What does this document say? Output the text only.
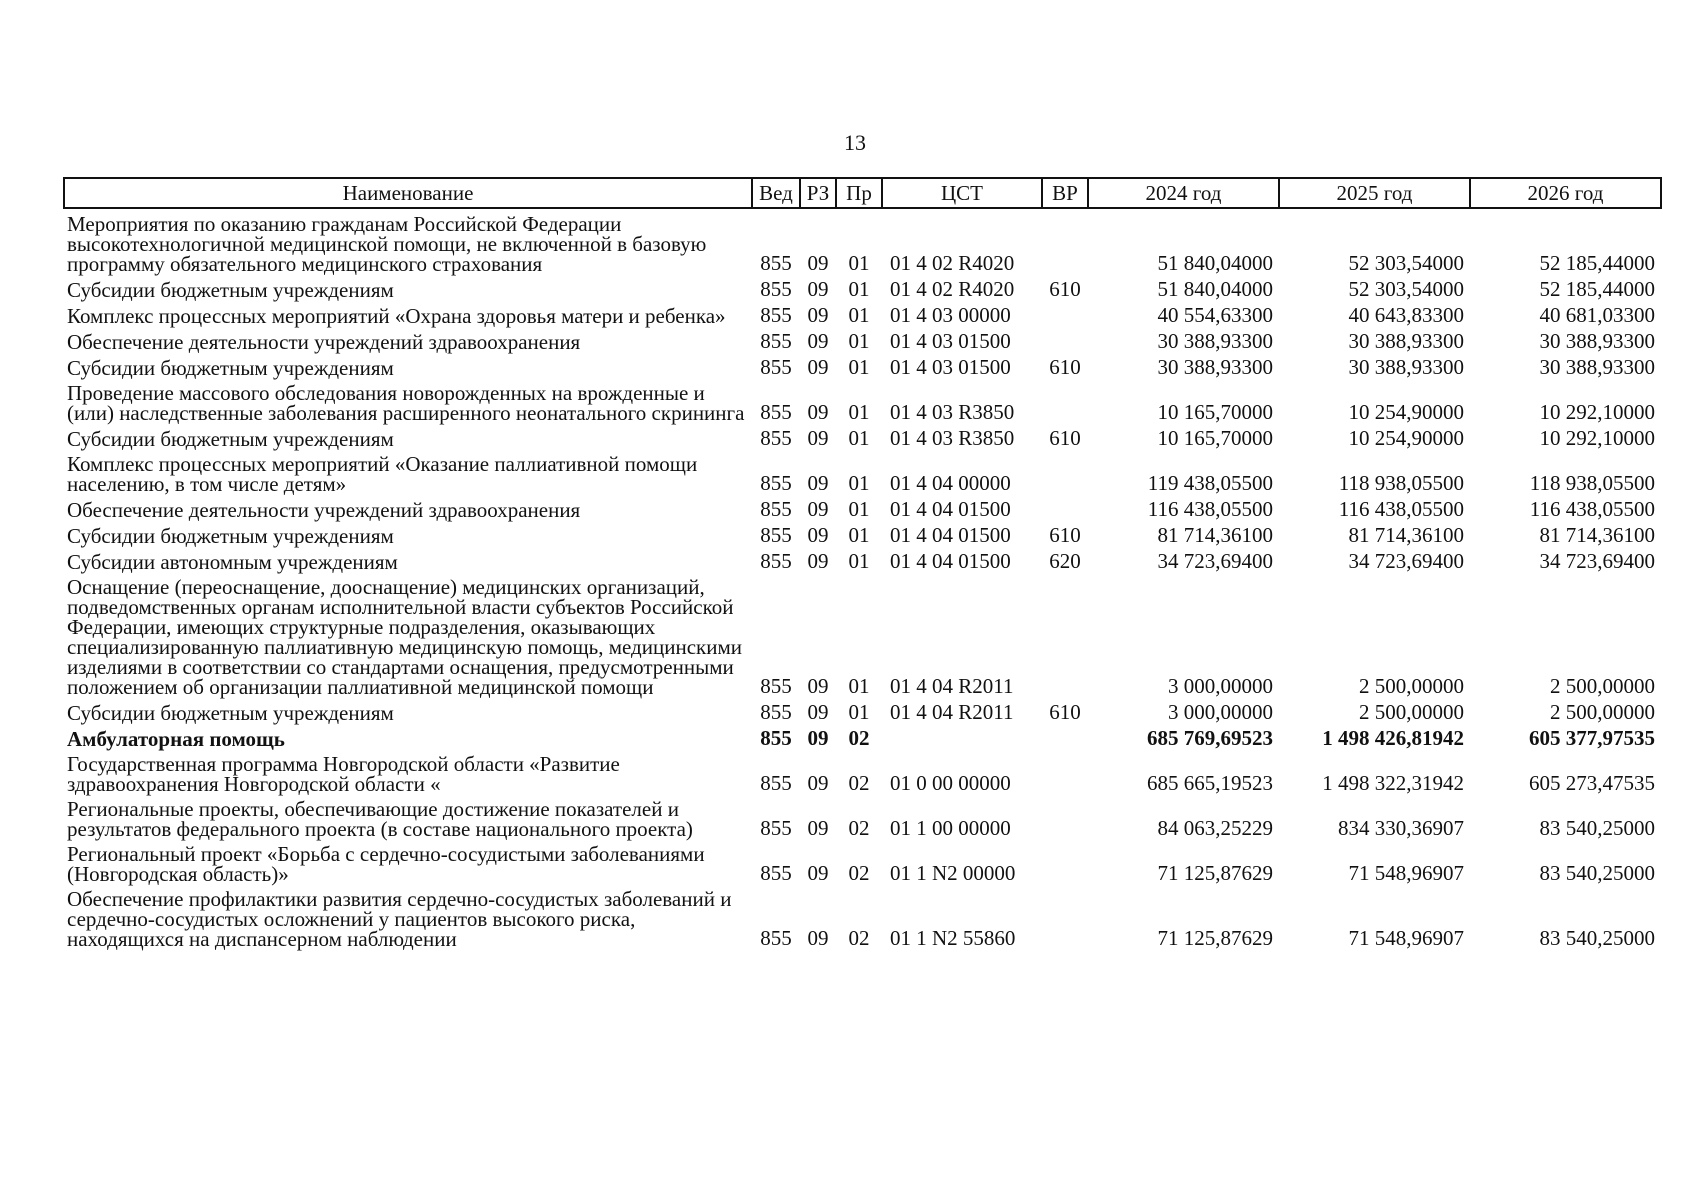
13
Наименование	Вед	РЗ	Пр	ЦСТ	ВР	2024 год	2025 год	2026 год
Мероприятия по оказанию гражданам Российской Федерации высокотехнологичной медицинской помощи, не включенной в базовую программу обязательного медицинского страхования	855	09	01	01 4 02 R4020		51 840,04000	52 303,54000	52 185,44000
Субсидии бюджетным учреждениям	855	09	01	01 4 02 R4020	610	51 840,04000	52 303,54000	52 185,44000
Комплекс процессных мероприятий «Охрана здоровья матери и ребенка»	855	09	01	01 4 03 00000		40 554,63300	40 643,83300	40 681,03300
Обеспечение деятельности учреждений здравоохранения	855	09	01	01 4 03 01500		30 388,93300	30 388,93300	30 388,93300
Субсидии бюджетным учреждениям	855	09	01	01 4 03 01500	610	30 388,93300	30 388,93300	30 388,93300
Проведение массового обследования новорожденных на врожденные и (или) наследственные заболевания расширенного неонатального скрининга	855	09	01	01 4 03 R3850		10 165,70000	10 254,90000	10 292,10000
Субсидии бюджетным учреждениям	855	09	01	01 4 03 R3850	610	10 165,70000	10 254,90000	10 292,10000
Комплекс процессных мероприятий «Оказание паллиативной помощи населению, в том числе детям»	855	09	01	01 4 04 00000		119 438,05500	118 938,05500	118 938,05500
Обеспечение деятельности учреждений здравоохранения	855	09	01	01 4 04 01500		116 438,05500	116 438,05500	116 438,05500
Субсидии бюджетным учреждениям	855	09	01	01 4 04 01500	610	81 714,36100	81 714,36100	81 714,36100
Субсидии автономным учреждениям	855	09	01	01 4 04 01500	620	34 723,69400	34 723,69400	34 723,69400
Оснащение (переоснащение, дооснащение) медицинских организаций, подведомственных органам исполнительной власти субъектов Российской Федерации, имеющих структурные подразделения, оказывающих специализированную паллиативную медицинскую помощь, медицинскими изделиями в соответствии со стандартами оснащения, предусмотренными положением об организации паллиативной медицинской помощи	855	09	01	01 4 04 R2011		3 000,00000	2 500,00000	2 500,00000
Субсидии бюджетным учреждениям	855	09	01	01 4 04 R2011	610	3 000,00000	2 500,00000	2 500,00000
Амбулаторная помощь	855	09	02			685 769,69523	1 498 426,81942	605 377,97535
Государственная программа Новгородской области «Развитие здравоохранения Новгородской области «	855	09	02	01 0 00 00000		685 665,19523	1 498 322,31942	605 273,47535
Региональные проекты, обеспечивающие достижение показателей и результатов федерального проекта (в составе национального проекта)	855	09	02	01 1 00 00000		84 063,25229	834 330,36907	83 540,25000
Региональный проект «Борьба с сердечно-сосудистыми заболеваниями (Новгородская область)»	855	09	02	01 1 N2 00000		71 125,87629	71 548,96907	83 540,25000
Обеспечение профилактики развития сердечно-сосудистых заболеваний и сердечно-сосудистых осложнений у пациентов высокого риска, находящихся на диспансерном наблюдении	855	09	02	01 1 N2 55860		71 125,87629	71 548,96907	83 540,25000
